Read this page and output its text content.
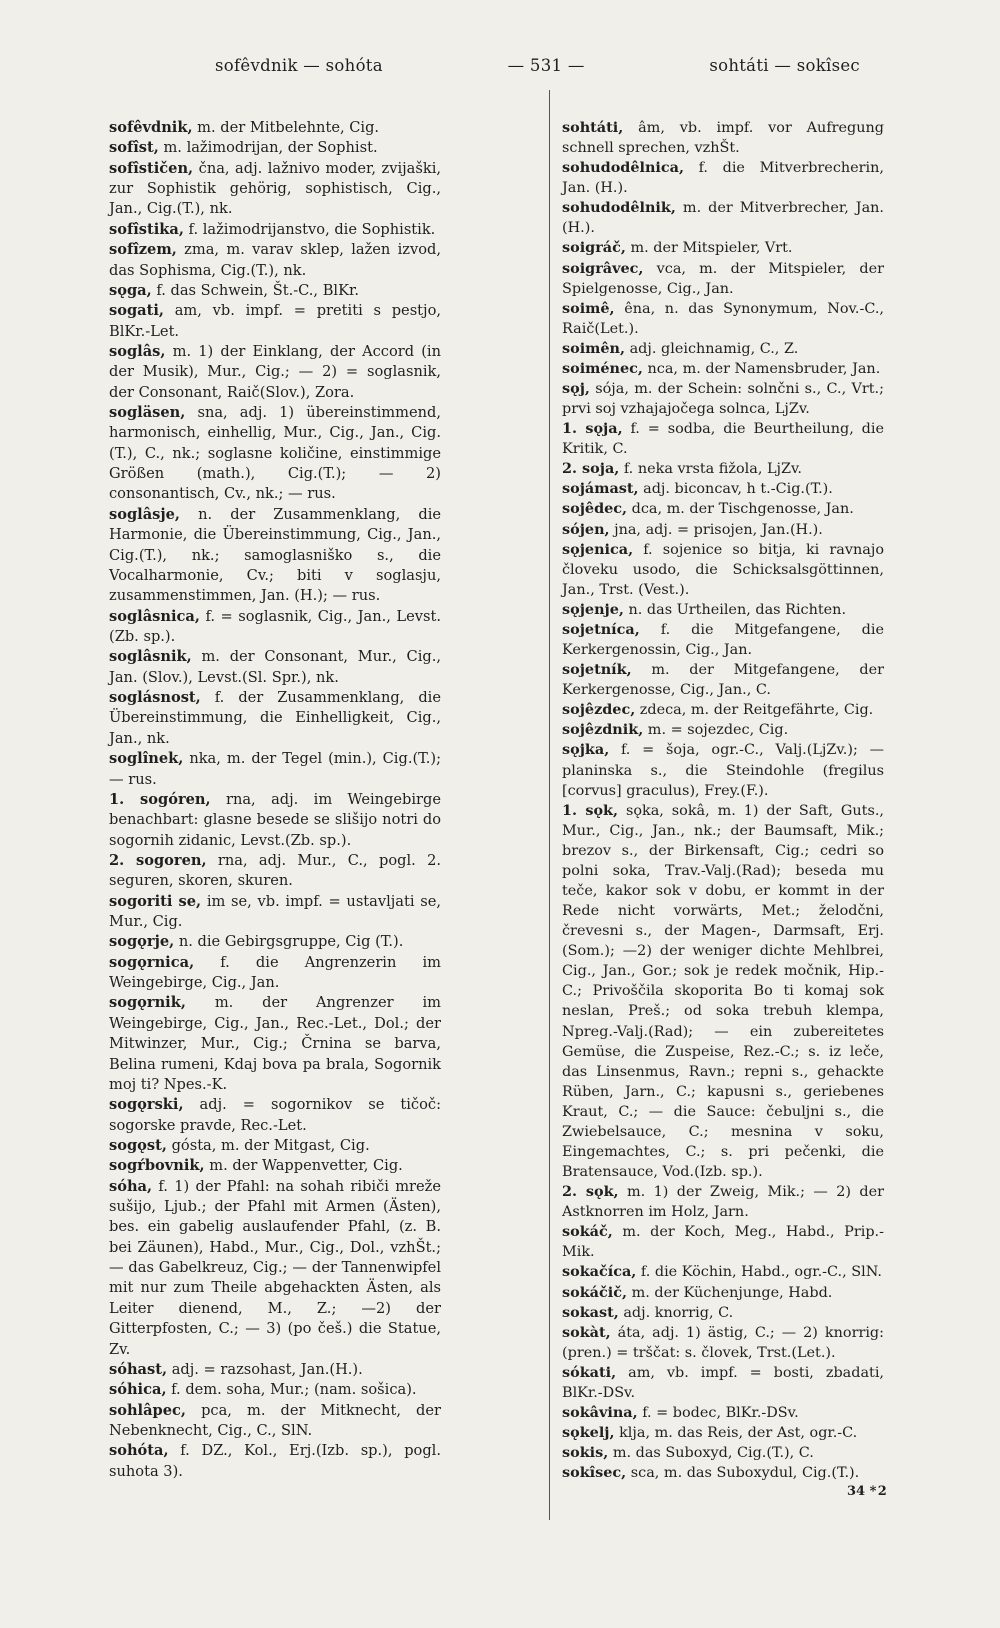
sofêvdnik — sohóta	— 531 —	sohtáti — sokîsec
sofêvdnik, m. der Mitbelehnte, Cig.
sofîst, m. lažimodrijan, der Sophist.
sofîstičen, čna, adj. lažnivo moder, zvijaški, zur Sophistik gehörig, sophistisch, Cig., Jan., Cig.(T.), nk.
sofîstika, f. lažimodrijanstvo, die Sophistik.
sofîzem, zma, m. varav sklep, lažen izvod, das Sophisma, Cig.(T.), nk.
sǫga, f. das Schwein, Št.-C., BlKr.
sogati, am, vb. impf. = pretiti s pestjo, BlKr.-Let.
soglâs, m. 1) der Einklang, der Accord (in der Musik), Mur., Cig.; — 2) = soglasnik, der Consonant, Raič(Slov.), Zora.
sogläsen, sna, adj. 1) übereinstimmend, harmonisch, einhellig, Mur., Cig., Jan., Cig.(T.), C., nk.; soglasne količine, einstimmige Größen (math.), Cig.(T.); — 2) consonantisch, Cv., nk.; — rus.
soglâsje, n. der Zusammenklang, die Harmonie, die Übereinstimmung, Cig., Jan., Cig.(T.), nk.; samoglasniško s., die Vocalharmonie, Cv.; biti v soglasju, zusammenstimmen, Jan. (H.); — rus.
soglâsnica, f. = soglasnik, Cig., Jan., Levst. (Zb. sp.).
soglâsnik, m. der Consonant, Mur., Cig., Jan. (Slov.), Levst.(Sl. Spr.), nk.
soglásnost, f. der Zusammenklang, die Übereinstimmung, die Einhelligkeit, Cig., Jan., nk.
soglînek, nka, m. der Tegel (min.), Cig.(T.); — rus.
1. sogóren, rna, adj. im Weingebirge benachbart: glasne besede se slišijo notri do sogornih zidanic, Levst.(Zb. sp.).
2. sogoren, rna, adj. Mur., C., pogl. 2. seguren, skoren, skuren.
sogoriti se, im se, vb. impf. = ustavljati se, Mur., Cig.
sogǫrje, n. die Gebirgsgruppe, Cig (T.).
sogǫrnica, f. die Angrenzerin im Weingebirge, Cig., Jan.
sogǫrnik, m. der Angrenzer im Weingebirge, Cig., Jan., Rec.-Let., Dol.; der Mitwinzer, Mur., Cig.; Črnina se barva, Belina rumeni, Kdaj bova pa brala, Sogornik moj ti? Npes.-K.
sogǫrski, adj. = sogornikov se tičoč: sogorske pravde, Rec.-Let.
sogǫst, gósta, m. der Mitgast, Cig.
sogŕbovnik, m. der Wappenvetter, Cig.
sóha, f. 1) der Pfahl: na sohah ribiči mreže sušijo, Ljub.; der Pfahl mit Armen (Ästen), bes. ein gabelig auslaufender Pfahl, (z. B. bei Zäunen), Habd., Mur., Cig., Dol., vzhŠt.; — das Gabelkreuz, Cig.; — der Tannenwipfel mit nur zum Theile abgehackten Ästen, als Leiter dienend, M., Z.; —2) der Gitterpfosten, C.; — 3) (po češ.) die Statue, Zv.
sóhast, adj. = razsohast, Jan.(H.).
sóhica, f. dem. soha, Mur.; (nam. sošica).
sohlâpec, pca, m. der Mitknecht, der Nebenknecht, Cig., C., SlN.
sohóta, f. DZ., Kol., Erj.(Izb. sp.), pogl. suhota 3).
sohtáti, âm, vb. impf. vor Aufregung schnell sprechen, vzhŠt.
sohudodêlnica, f. die Mitverbrecherin, Jan. (H.).
sohudodêlnik, m. der Mitverbrecher, Jan.(H.).
soigráč, m. der Mitspieler, Vrt.
soigrâvec, vca, m. der Mitspieler, der Spielgenosse, Cig., Jan.
soimê, êna, n. das Synonymum, Nov.-C., Raič(Let.).
soimên, adj. gleichnamig, C., Z.
soiménec, nca, m. der Namensbruder, Jan.
sǫj, sója, m. der Schein: solnčni s., C., Vrt.; prvi soj vzhajajočega solnca, LjZv.
1. sǫja, f. = sodba, die Beurtheilung, die Kritik, C.
2. soja, f. neka vrsta fižola, LjZv.
sojámast, adj. biconcav, h t.-Cig.(T.).
sojêdec, dca, m. der Tischgenosse, Jan.
sójen, jna, adj. = prisojen, Jan.(H.).
sǫjenica, f. sojenice so bitja, ki ravnajo človeku usodo, die Schicksalsgöttinnen, Jan., Trst. (Vest.).
sǫjenje, n. das Urtheilen, das Richten.
sojetníca, f. die Mitgefangene, die Kerkergenossin, Cig., Jan.
sojetník, m. der Mitgefangene, der Kerkergenosse, Cig., Jan., C.
sojêzdec, zdeca, m. der Reitgefährte, Cig.
sojêzdnik, m. = sojezdec, Cig.
sǫjka, f. = šoja, ogr.-C., Valj.(LjZv.); — planinska s., die Steindohle (fregilus [corvus] graculus), Frey.(F.).
1. sǫk, sǫka, sokâ, m. 1) der Saft, Guts., Mur., Cig., Jan., nk.; der Baumsaft, Mik.; brezov s., der Birkensaft, Cig.; cedri so polni soka, Trav.-Valj.(Rad); beseda mu teče, kakor sok v dobu, er kommt in der Rede nicht vorwärts, Met.; želodčni, črevesni s., der Magen-, Darmsaft, Erj.(Som.); —2) der weniger dichte Mehlbrei, Cig., Jan., Gor.; sok je redek močnik, Hip.-C.; Privoščila skoporita Bo ti komaj sok neslan, Preš.; od soka trebuh klempa, Npreg.-Valj.(Rad); — ein zubereitetes Gemüse, die Zuspeise, Rez.-C.; s. iz leče, das Linsenmus, Ravn.; repni s., gehackte Rüben, Jarn., C.; kapusni s., geriebenes Kraut, C.; — die Sauce: čebuljni s., die Zwiebelsauce, C.; mesnina v soku, Eingemachtes, C.; s. pri pečenki, die Bratensauce, Vod.(Izb. sp.).
2. sǫk, m. 1) der Zweig, Mik.; — 2) der Astknorren im Holz, Jarn.
sokáč, m. der Koch, Meg., Habd., Prip.-Mik.
sokačíca, f. die Köchin, Habd., ogr.-C., SlN.
sokáčič, m. der Küchenjunge, Habd.
sokast, adj. knorrig, C.
sokàt, áta, adj. 1) ästig, C.; — 2) knorrig: (pren.) = trščat: s. človek, Trst.(Let.).
sókati, am, vb. impf. = bosti, zbadati, BlKr.-DSv.
sokâvina, f. = bodec, BlKr.-DSv.
sǫkelj, klja, m. das Reis, der Ast, ogr.-C.
sokis, m. das Suboxyd, Cig.(T.), C.
sokîsec, sca, m. das Suboxydul, Cig.(T.).
34 * 2
